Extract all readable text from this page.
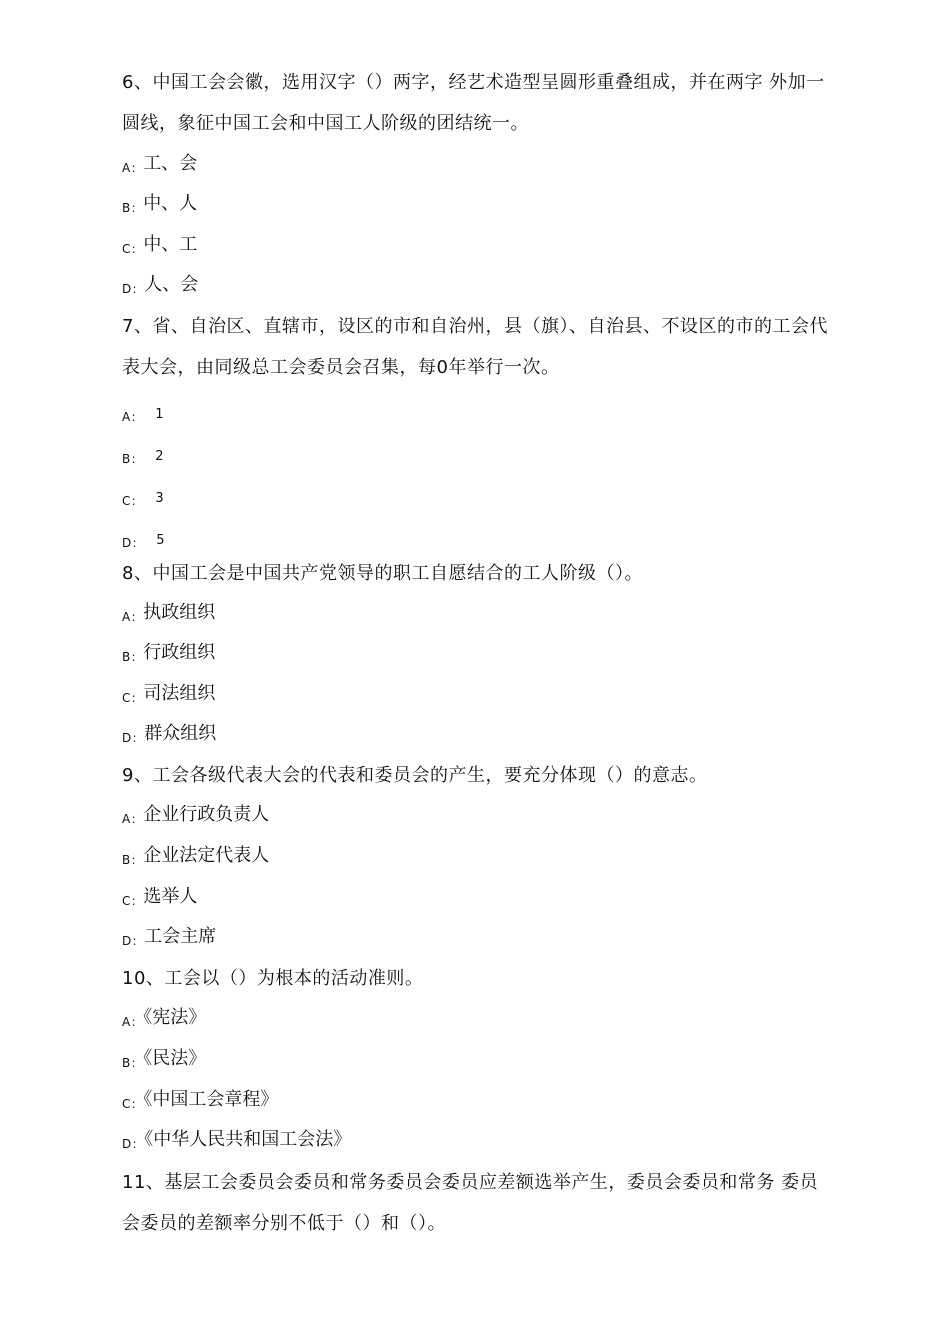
6、中国工会会徽，选用汉字（）两字，经艺术造型呈圆形重叠组成，并在两字 外加一圆线，象征中国工会和中国工人阶级的团结统一。
A：工、会
B：中、人
C：中、工
D：人、会
7、省、自治区、直辖市，设区的市和自治州，县（旗）、自治县、不设区的市的工会代表大会，由同级总工会委员会召集，每0年举行一次。
A： 1
B： 2
C： 3
D： 5
8、中国工会是中国共产党领导的职工自愿结合的工人阶级（）。
A：执政组织
B：行政组织
C：司法组织
D：群众组织
9、工会各级代表大会的代表和委员会的产生，要充分体现（）的意志。
A：企业行政负责人
B：企业法定代表人
C：选举人
D：工会主席
10、工会以（）为根本的活动准则。
A：《宪法》
B：《民法》
C：《中国工会章程》
D：《中华人民共和国工会法》
11、基层工会委员会委员和常务委员会委员应差额选举产生，委员会委员和常务 委员会委员的差额率分别不低于（）和（）。
